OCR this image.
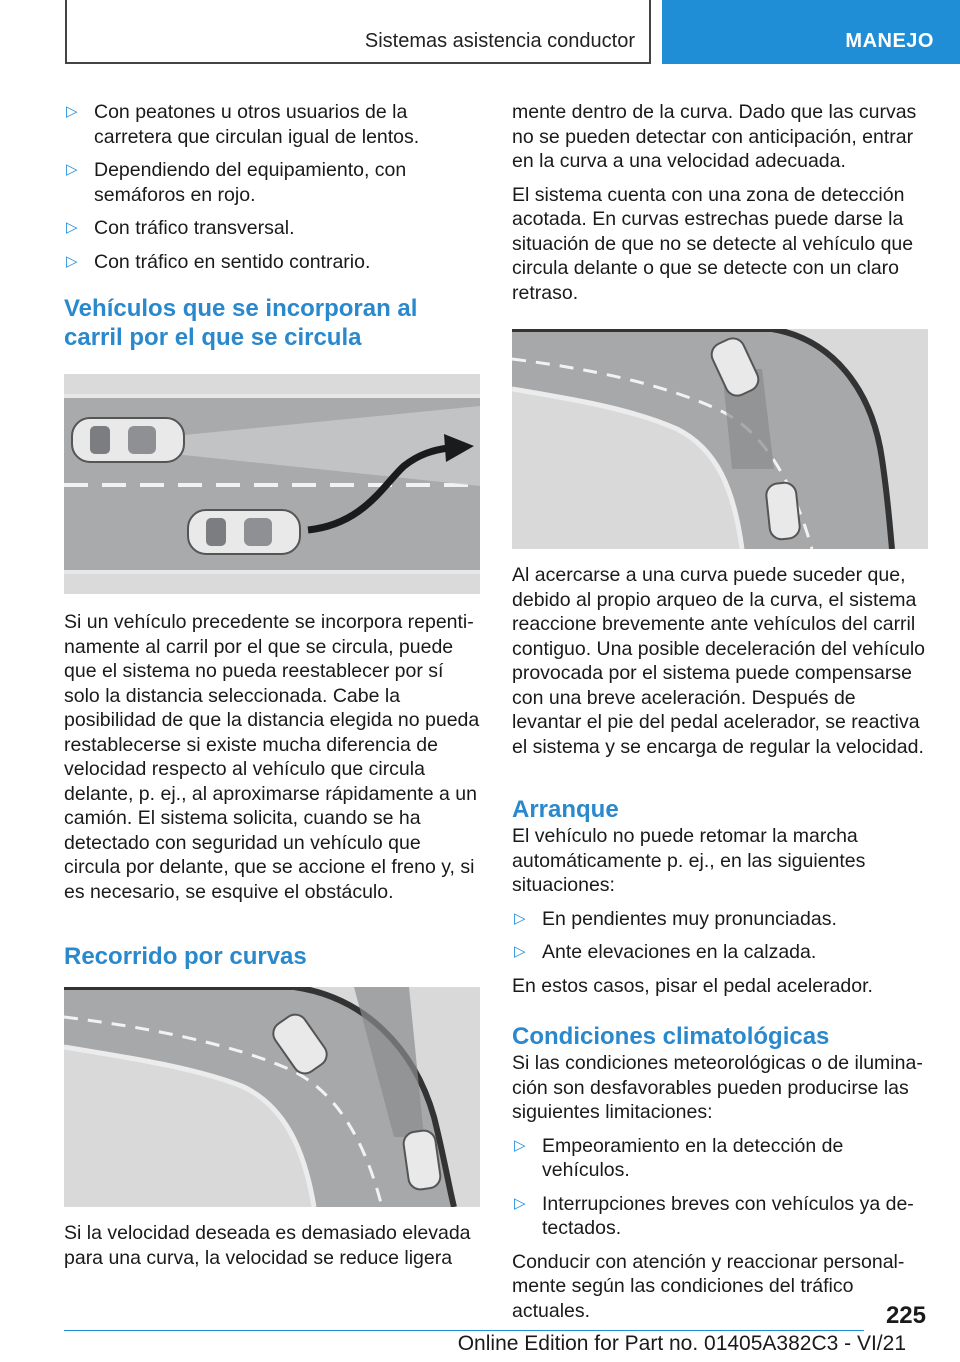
Sistemas asistencia conductor	MANEJO
▷ Con peatones u otros usuarios de la carretera que circulan igual de lentos.
▷ Dependiendo del equipamiento, con semáforos en rojo.
▷ Con tráfico transversal.
▷ Con tráfico en sentido contrario.
Vehículos que se incorporan al carril por el que se circula

Si un vehículo precedente se incorpora repentinamente al carril por el que se circula, puede que el sistema no pueda reestablecer por sí solo la distancia seleccionada. Cabe la posibilidad de que la distancia elegida no pueda restablecerse si existe mucha diferencia de velocidad respecto al vehículo que circula delante, p. ej., al aproximarse rápidamente a un camión. El sistema solicita, cuando se ha detectado con seguridad un vehículo que circula por delante, que se accione el freno y, si es necesario, se esquive el obstáculo.

Recorrido por curvas

Si la velocidad deseada es demasiado elevada para una curva, la velocidad se reduce ligera

mente dentro de la curva. Dado que las curvas no se pueden detectar con anticipación, entrar en la curva a una velocidad adecuada.

El sistema cuenta con una zona de detección acotada. En curvas estrechas puede darse la situación de que no se detecte al vehículo que circula delante o que se detecte con un claro retraso.

Al acercarse a una curva puede suceder que, debido al propio arqueo de la curva, el sistema reaccione brevemente ante vehículos del carril contiguo. Una posible deceleración del vehículo provocada por el sistema puede compensarse con una breve aceleración. Después de levantar el pie del pedal acelerador, se reactiva el sistema y se encarga de regular la velocidad.

Arranque

El vehículo no puede retomar la marcha automáticamente p. ej., en las siguientes situaciones:

▷ En pendientes muy pronunciadas.
▷ Ante elevaciones en la calzada.

En estos casos, pisar el pedal acelerador.

Condiciones climatológicas

Si las condiciones meteorológicas o de iluminación son desfavorables pueden producirse las siguientes limitaciones:

▷ Empeoramiento en la detección de vehículos.
▷ Interrupciones breves con vehículos ya detectados.

Conducir con atención y reaccionar personalmente según las condiciones del tráfico actuales.	225
Online Edition for Part no. 01405A382C3 - VI/21
